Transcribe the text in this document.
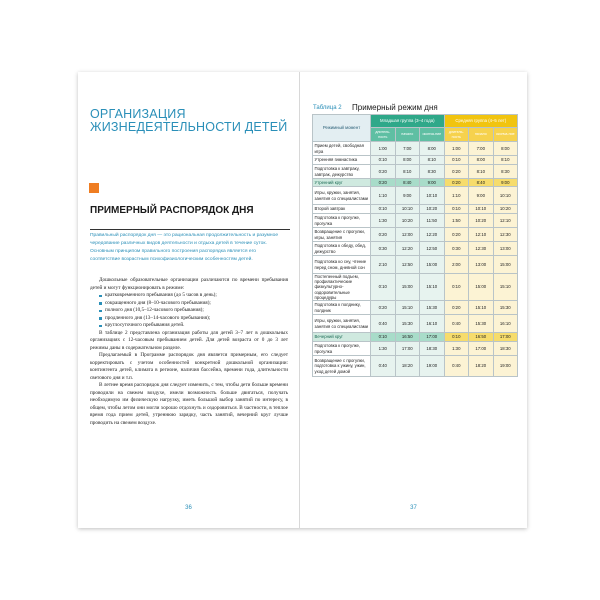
ОРГАНИЗАЦИЯ ЖИЗНЕДЕЯТЕЛЬНОСТИ ДЕТЕЙ
ПРИМЕРНЫЙ РАСПОРЯДОК ДНЯ
Правильный распорядок дня — это рациональная продолжительность и разумное чередование различных видов деятельности и отдыха детей в течение суток. Основным принципом правильного построения распорядка является его соответствие возрастным психофизиологическим особенностям детей.

Дошкольные образовательные организации различаются по времени пребывания детей и могут функционировать в режиме:

кратковременного пребывания (до 5 часов в день);
сокращенного дня (8–10-часового пребывания);
полного дня (10,5–12-часового пребывания);
продленного дня (13–14-часового пребывания);
круглосуточного пребывания детей.

В таблице 2 представлена организация работы для детей 3–7 лет в дошкольных организациях с 12-часовым пребыванием детей. Для детей возраста от 0 до 3 лет режимы даны в содержательном разделе.

Предлагаемый в Программе распорядок дня является примерным, его следует корректировать с учетом особенностей конкретной дошкольной организации: контингента детей, климата в регионе, наличия бассейна, времени года, длительности светового дня и т.п.

В летнее время распорядок дня следует изменить, с тем, чтобы дети больше времени проводили на свежем воздухе, имели возможность больше двигаться, получать необходимую им физическую нагрузку, иметь большой выбор занятий по интересу, в общем, чтобы летом они могли хорошо отдохнуть и оздоровиться. В частности, в теплое время года прием детей, утреннюю зарядку, часть занятий, вечерний круг лучше проводить на свежем воздухе.

36
Таблица 2 Примерный режим дня
Режимный момент	Младшая группа (3–4 года)			Средняя группа (4–5 лет)		
	длитель-ность	начало	оконча-ние	длитель-ность	начало	оконча-ние
Прием детей, свободная игра	1:00	7:00	8:00	1:00	7:00	8:00
Утренняя гимнастика	0:10	8:00	8:10	0:10	8:00	8:10
Подготовка к завтраку, завтрак, дежурство	0:20	8:10	8:30	0:20	8:10	8:30
Утренний круг	0:20	8:40	9:00	0:20	8:40	9:00
Игры, кружки, занятия, занятия со специалистами	1:10	9:00	10:10	1:10	9:00	10:10
Второй завтрак	0:10	10:10	10:20	0:10	10:10	10:20
Подготовка к прогулке, прогулка	1:30	10:20	11:50	1:50	10:20	12:10
Возвращение с прогулки, игры, занятия	0:20	12:00	12:20	0:20	12:10	12:30
Подготовка к обеду, обед, дежурство	0:30	12:20	12:50	0:30	12:30	13:00
Подготовка ко сну, чтение перед сном, дневной сон	2:10	12:50	15:00	2:00	13:00	15:00
Постепенный подъем, профилактические физкультурно-оздоровительные процедуры	0:10	15:00	15:10	0:10	15:00	15:10
Подготовка к полднику, полдник	0:20	15:10	15:30	0:20	15:10	15:30
Игры, кружки, занятия, занятия со специалистами	0:40	15:30	16:10	0:40	15:30	16:10
Вечерний круг	0:10	16:50	17:00	0:10	16:50	17:00
Подготовка к прогулке, прогулка	1:30	17:00	18:30	1:30	17:00	18:30
Возвращение с прогулки, подготовка к ужину, ужин, уход детей домой	0:40	18:20	19:00	0:40	18:20	19:00
37
